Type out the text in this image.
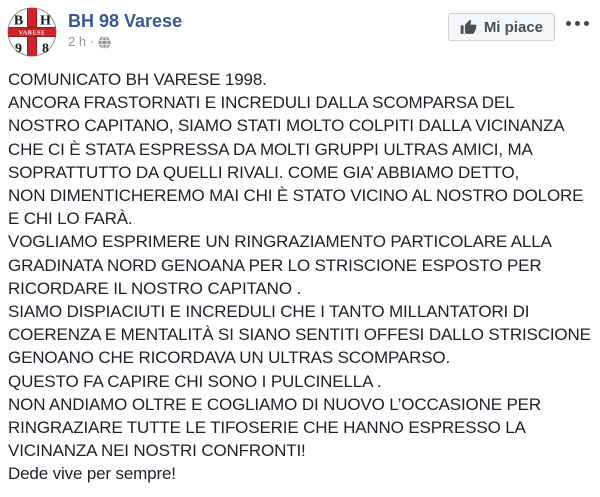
VARESE
B H
9 8
BH 98 Varese
2 h ·
Mi piace
COMUNICATO BH VARESE 1998.
ANCORA FRASTORNATI E INCREDULI DALLA SCOMPARSA DEL
NOSTRO CAPITANO, SIAMO STATI MOLTO COLPITI DALLA VICINANZA
CHE CI È STATA ESPRESSA DA MOLTI GRUPPI ULTRAS AMICI, MA
SOPRATTUTTO DA QUELLI RIVALI. COME GIA’ ABBIAMO DETTO,
NON DIMENTICHEREMO MAI CHI È STATO VICINO AL NOSTRO DOLORE
E CHI LO FARÀ.
VOGLIAMO ESPRIMERE UN RINGRAZIAMENTO PARTICOLARE ALLA
GRADINATA NORD GENOANA PER LO STRISCIONE ESPOSTO PER
RICORDARE IL NOSTRO CAPITANO .
SIAMO DISPIACIUTI E INCREDULI CHE I TANTO MILLANTATORI DI
COERENZA E MENTALITÀ SI SIANO SENTITI OFFESI DALLO STRISCIONE
GENOANO CHE RICORDAVA UN ULTRAS SCOMPARSO.
QUESTO FA CAPIRE CHI SONO I PULCINELLA .
NON ANDIAMO OLTRE E COGLIAMO DI NUOVO L’OCCASIONE PER
RINGRAZIARE TUTTE LE TIFOSERIE CHE HANNO ESPRESSO LA
VICINANZA NEI NOSTRI CONFRONTI!
Dede vive per sempre!
